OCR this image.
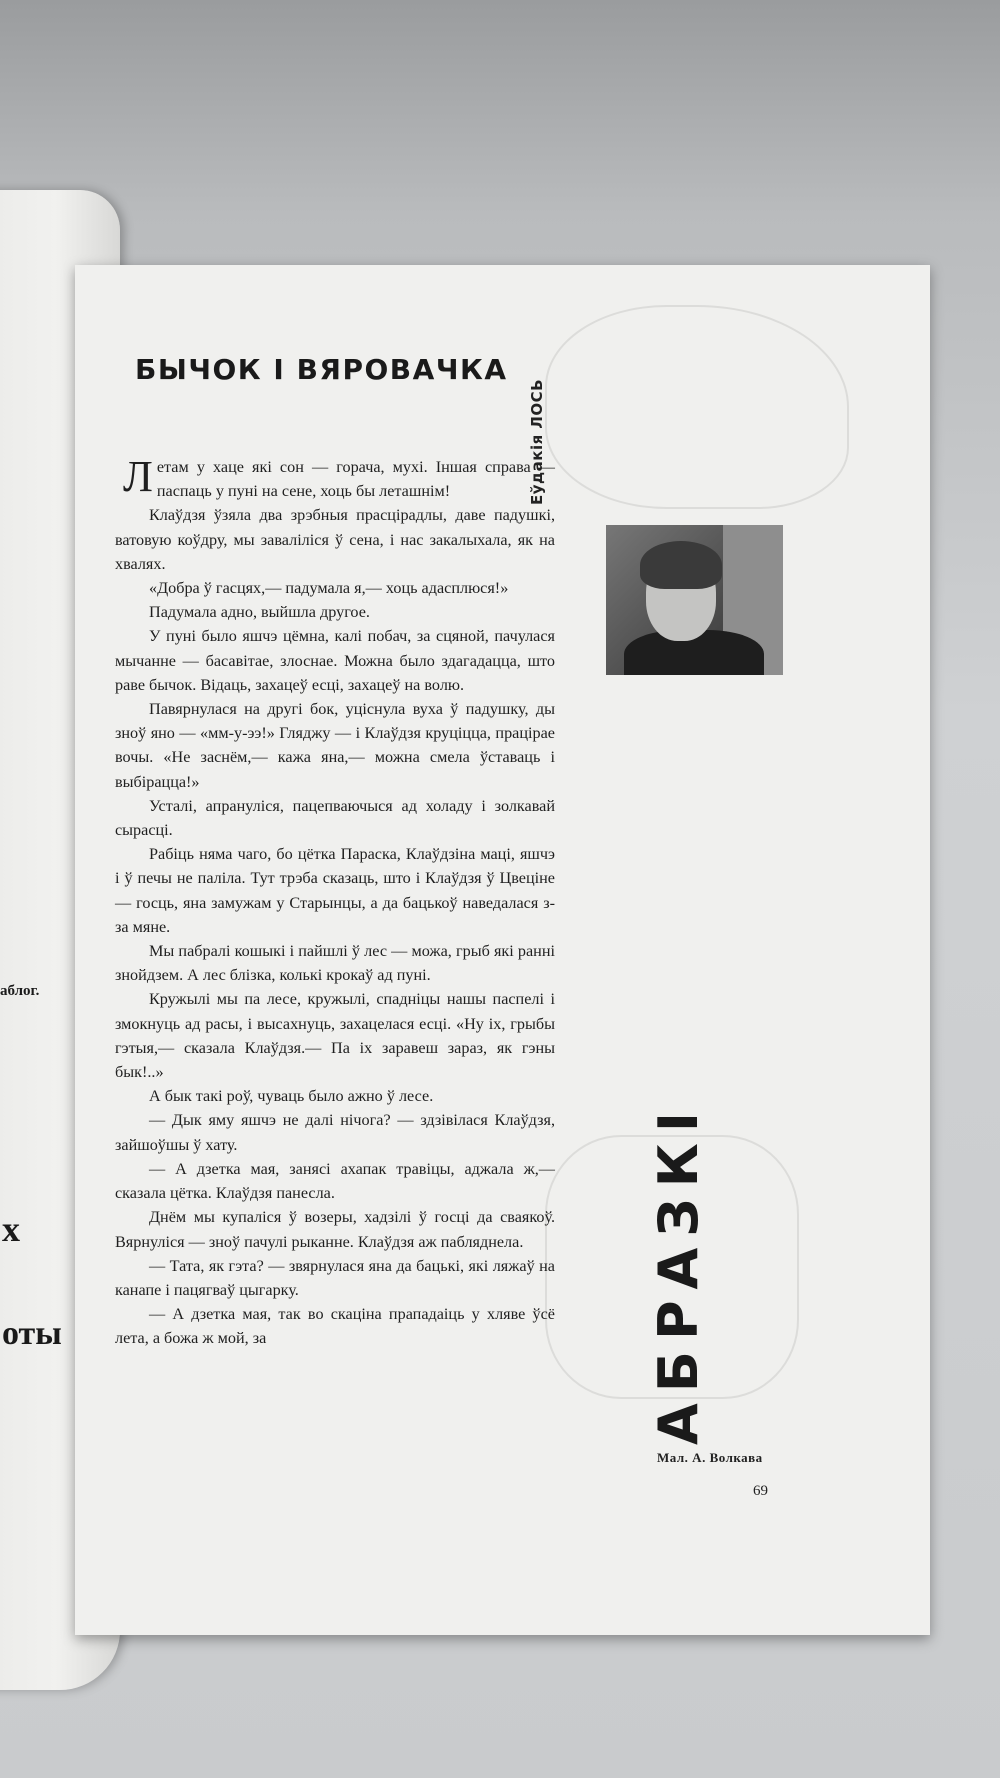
аблог.
х
оты
БЫЧОК І ВЯРОВАЧКА
Еўдакія ЛОСЬ
АБРАЗКІ

Летам у хаце які сон — горача, мухі. Іншая справа — паспаць у пуні на сене, хоць бы леташнім!

Клаўдзя ўзяла два зрэбныя прасцірадлы, даве падушкі, ватовую коўдру, мы заваліліся ў сена, і нас закалыхала, як на хвалях.

«Добра ў гасцях,— падумала я,— хоць адасплюся!»

Падумала адно, выйшла другое.

У пуні было яшчэ цёмна, калі побач, за сцяной, пачулася мычанне — басавітае, злоснае. Можна было здагадацца, што раве бычок. Відаць, захацеў есці, захацеў на волю.

Павярнулася на другі бок, уціснула вуха ў падушку, ды зноў яно — «мм-у-ээ!» Гляджу — і Клаўдзя круціцца, працірае вочы. «Не заснём,— кажа яна,— можна смела ўставаць і выбірацца!»

Усталі, апрануліся, пацепваючыся ад холаду і золкавай сырасці.

Рабіць няма чаго, бо цётка Параска, Клаўдзіна маці, яшчэ і ў печы не паліла. Тут трэба сказаць, што і Клаўдзя ў Цвеціне — госць, яна замужам у Старынцы, а да бацькоў наведалася з-за мяне.

Мы пабралі кошыкі і пайшлі ў лес — можа, грыб які ранні знойдзем. А лес блізка, колькі крокаў ад пуні.

Кружылі мы па лесе, кружылі, спадніцы нашы паспелі і змокнуць ад расы, і высахнуць, захацелася есці. «Ну іх, грыбы гэтыя,— сказала Клаўдзя.— Па іх заравеш зараз, як гэны бык!..»

А бык такі роў, чуваць было ажно ў лесе.

— Дык яму яшчэ не далі нічога? — здзівілася Клаўдзя, зайшоўшы ў хату.

— А дзетка мая, занясі ахапак травіцы, аджала ж,— сказала цётка. Клаўдзя панесла.

Днём мы купаліся ў возеры, хадзілі ў госці да сваякоў. Вярнуліся — зноў пачулі рыканне. Клаўдзя аж пабляднела.

— Тата, як гэта? — звярнулася яна да бацькі, які ляжаў на канапе і пацягваў цыгарку.

— А дзетка мая, так во скаціна прападаіць у хляве ўсё лета, а божа ж мой, за

Мал. А. Волкава
69
